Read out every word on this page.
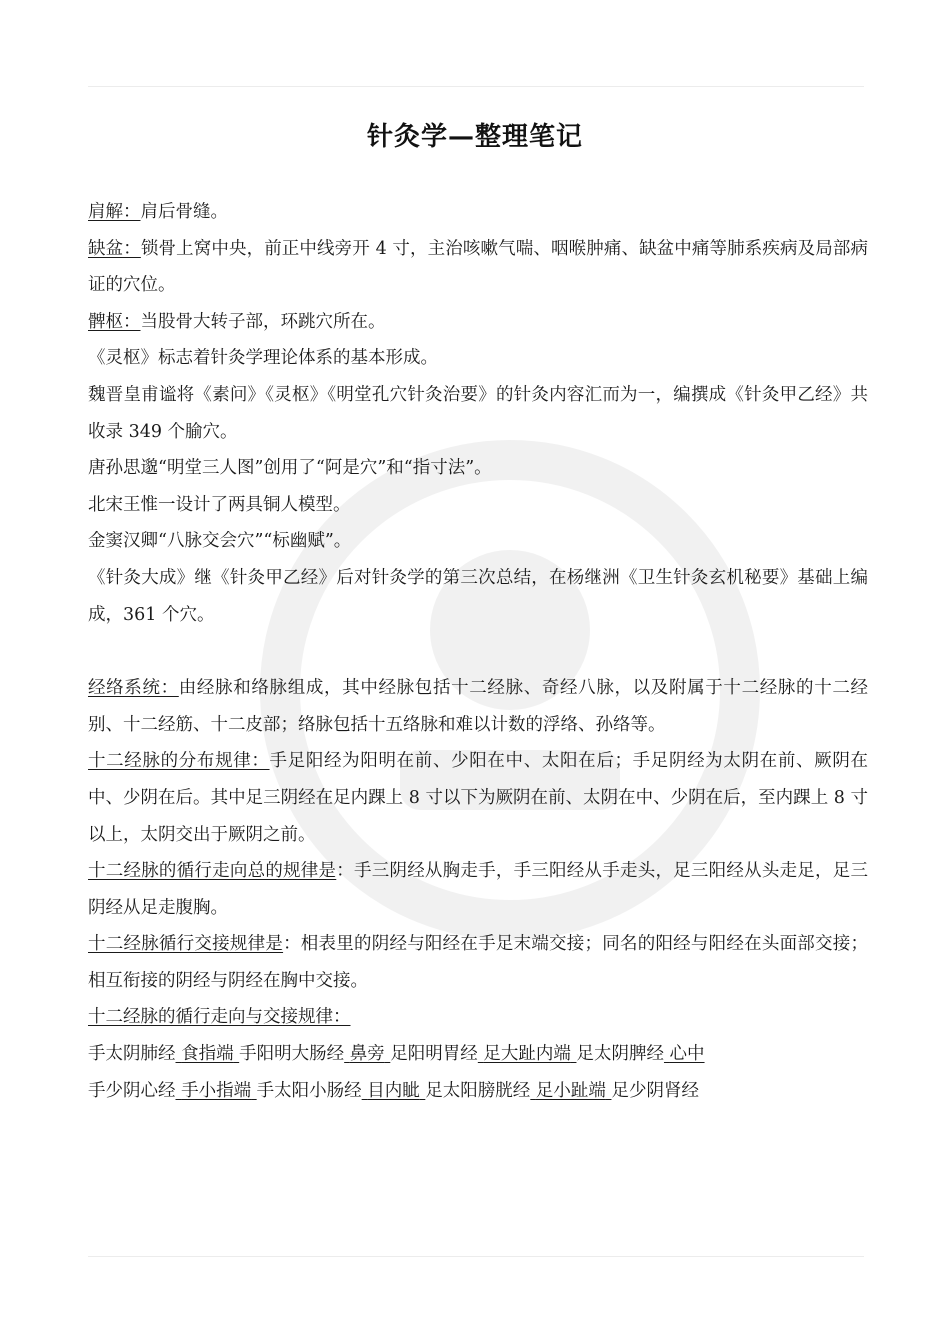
针灸学—整理笔记

肩解：肩后骨缝。

缺盆：锁骨上窝中央，前正中线旁开 4 寸，主治咳嗽气喘、咽喉肿痛、缺盆中痛等肺系疾病及局部病证的穴位。

髀枢：当股骨大转子部，环跳穴所在。

《灵枢》标志着针灸学理论体系的基本形成。

魏晋皇甫谧将《素问》《灵枢》《明堂孔穴针灸治要》的针灸内容汇而为一，编撰成《针灸甲乙经》共收录 349 个腧穴。

唐孙思邈“明堂三人图”创用了“阿是穴”和“指寸法”。

北宋王惟一设计了两具铜人模型。

金窦汉卿“八脉交会穴”“标幽赋”。

《针灸大成》继《针灸甲乙经》后对针灸学的第三次总结，在杨继洲《卫生针灸玄机秘要》基础上编成，361 个穴。

经络系统：由经脉和络脉组成，其中经脉包括十二经脉、奇经八脉，以及附属于十二经脉的十二经别、十二经筋、十二皮部；络脉包括十五络脉和难以计数的浮络、孙络等。

十二经脉的分布规律：手足阳经为阳明在前、少阳在中、太阳在后；手足阴经为太阴在前、厥阴在中、少阴在后。其中足三阴经在足内踝上 8 寸以下为厥阴在前、太阴在中、少阴在后，至内踝上 8 寸以上，太阴交出于厥阴之前。

十二经脉的循行走向总的规律是：手三阴经从胸走手，手三阳经从手走头，足三阳经从头走足，足三阴经从足走腹胸。

十二经脉循行交接规律是：相表里的阴经与阳经在手足末端交接；同名的阳经与阳经在头面部交接；相互衔接的阴经与阴经在胸中交接。

十二经脉的循行走向与交接规律：

手太阴肺经 食指端 手阳明大肠经 鼻旁 足阳明胃经 足大趾内端 足太阴脾经 心中

手少阴心经 手小指端 手太阳小肠经 目内眦 足太阳膀胱经 足小趾端 足少阴肾经
